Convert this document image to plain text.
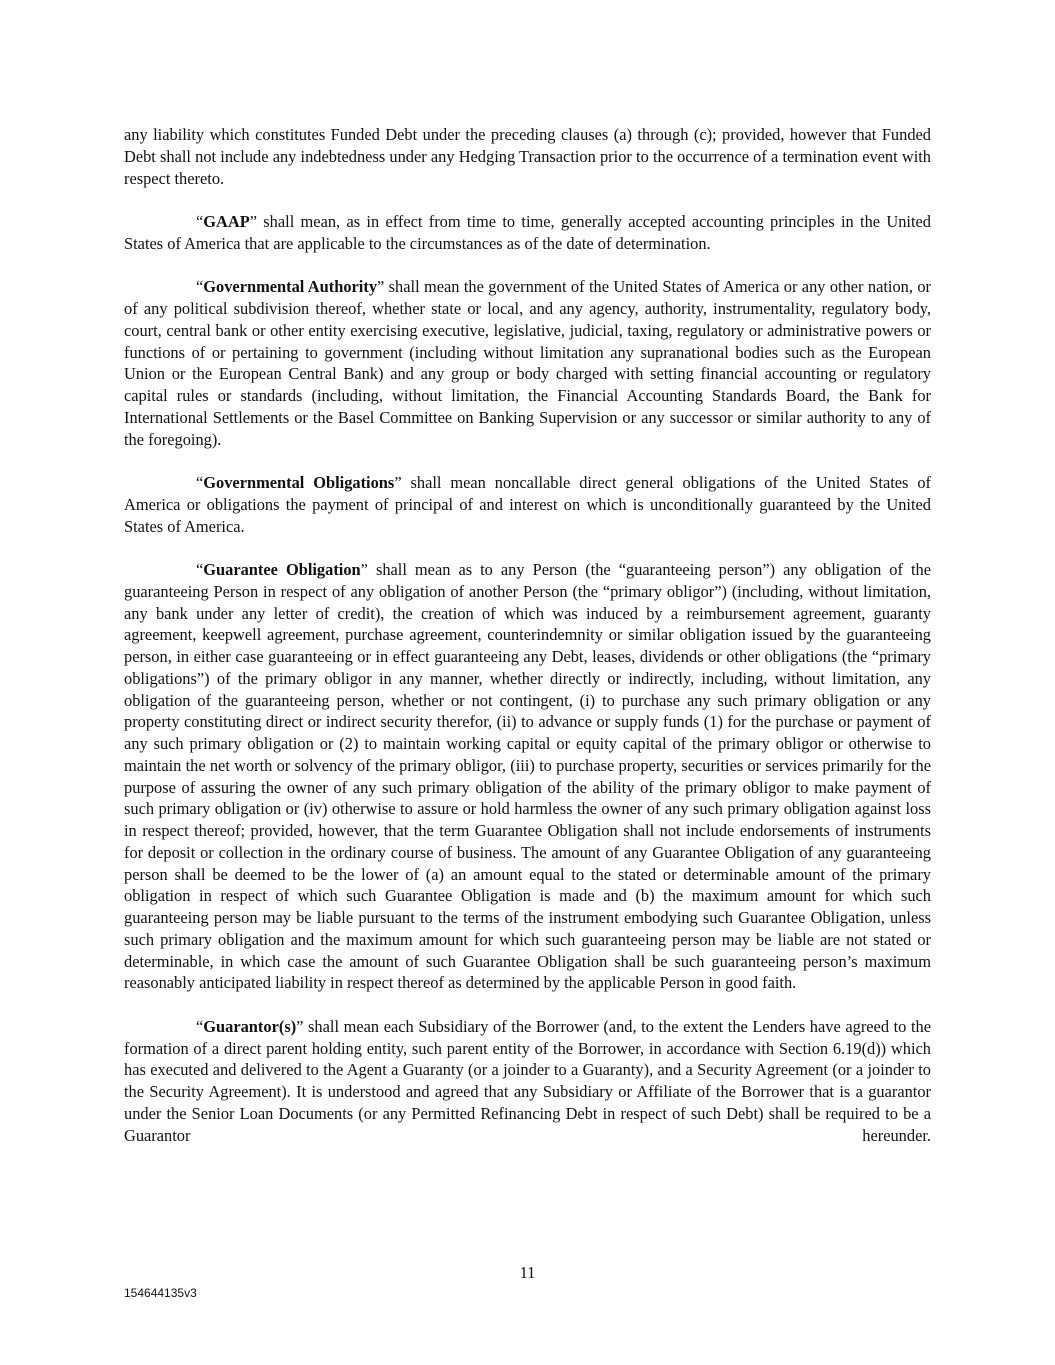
any liability which constitutes Funded Debt under the preceding clauses (a) through (c); provided, however that Funded Debt shall not include any indebtedness under any Hedging Transaction prior to the occurrence of a termination event with respect thereto.

“GAAP” shall mean, as in effect from time to time, generally accepted accounting principles in the United States of America that are applicable to the circumstances as of the date of determination.

“Governmental Authority” shall mean the government of the United States of America or any other nation, or of any political subdivision thereof, whether state or local, and any agency, authority, instrumentality, regulatory body, court, central bank or other entity exercising executive, legislative, judicial, taxing, regulatory or administrative powers or functions of or pertaining to government (including without limitation any supranational bodies such as the European Union or the European Central Bank) and any group or body charged with setting financial accounting or regulatory capital rules or standards (including, without limitation, the Financial Accounting Standards Board, the Bank for International Settlements or the Basel Committee on Banking Supervision or any successor or similar authority to any of the foregoing).

“Governmental Obligations” shall mean noncallable direct general obligations of the United States of America or obligations the payment of principal of and interest on which is unconditionally guaranteed by the United States of America.

“Guarantee Obligation” shall mean as to any Person (the “guaranteeing person”) any obligation of the guaranteeing Person in respect of any obligation of another Person (the “primary obligor”) (including, without limitation, any bank under any letter of credit), the creation of which was induced by a reimbursement agreement, guaranty agreement, keepwell agreement, purchase agreement, counterindemnity or similar obligation issued by the guaranteeing person, in either case guaranteeing or in effect guaranteeing any Debt, leases, dividends or other obligations (the “primary obligations”) of the primary obligor in any manner, whether directly or indirectly, including, without limitation, any obligation of the guaranteeing person, whether or not contingent, (i) to purchase any such primary obligation or any property constituting direct or indirect security therefor, (ii) to advance or supply funds (1) for the purchase or payment of any such primary obligation or (2) to maintain working capital or equity capital of the primary obligor or otherwise to maintain the net worth or solvency of the primary obligor, (iii) to purchase property, securities or services primarily for the purpose of assuring the owner of any such primary obligation of the ability of the primary obligor to make payment of such primary obligation or (iv) otherwise to assure or hold harmless the owner of any such primary obligation against loss in respect thereof; provided, however, that the term Guarantee Obligation shall not include endorsements of instruments for deposit or collection in the ordinary course of business. The amount of any Guarantee Obligation of any guaranteeing person shall be deemed to be the lower of (a) an amount equal to the stated or determinable amount of the primary obligation in respect of which such Guarantee Obligation is made and (b) the maximum amount for which such guaranteeing person may be liable pursuant to the terms of the instrument embodying such Guarantee Obligation, unless such primary obligation and the maximum amount for which such guaranteeing person may be liable are not stated or determinable, in which case the amount of such Guarantee Obligation shall be such guaranteeing person’s maximum reasonably anticipated liability in respect thereof as determined by the applicable Person in good faith.

“Guarantor(s)” shall mean each Subsidiary of the Borrower (and, to the extent the Lenders have agreed to the formation of a direct parent holding entity, such parent entity of the Borrower, in accordance with Section 6.19(d)) which has executed and delivered to the Agent a Guaranty (or a joinder to a Guaranty), and a Security Agreement (or a joinder to the Security Agreement). It is understood and agreed that any Subsidiary or Affiliate of the Borrower that is a guarantor under the Senior Loan Documents (or any Permitted Refinancing Debt in respect of such Debt) shall be required to be a Guarantor hereunder.

11
154644135v3
